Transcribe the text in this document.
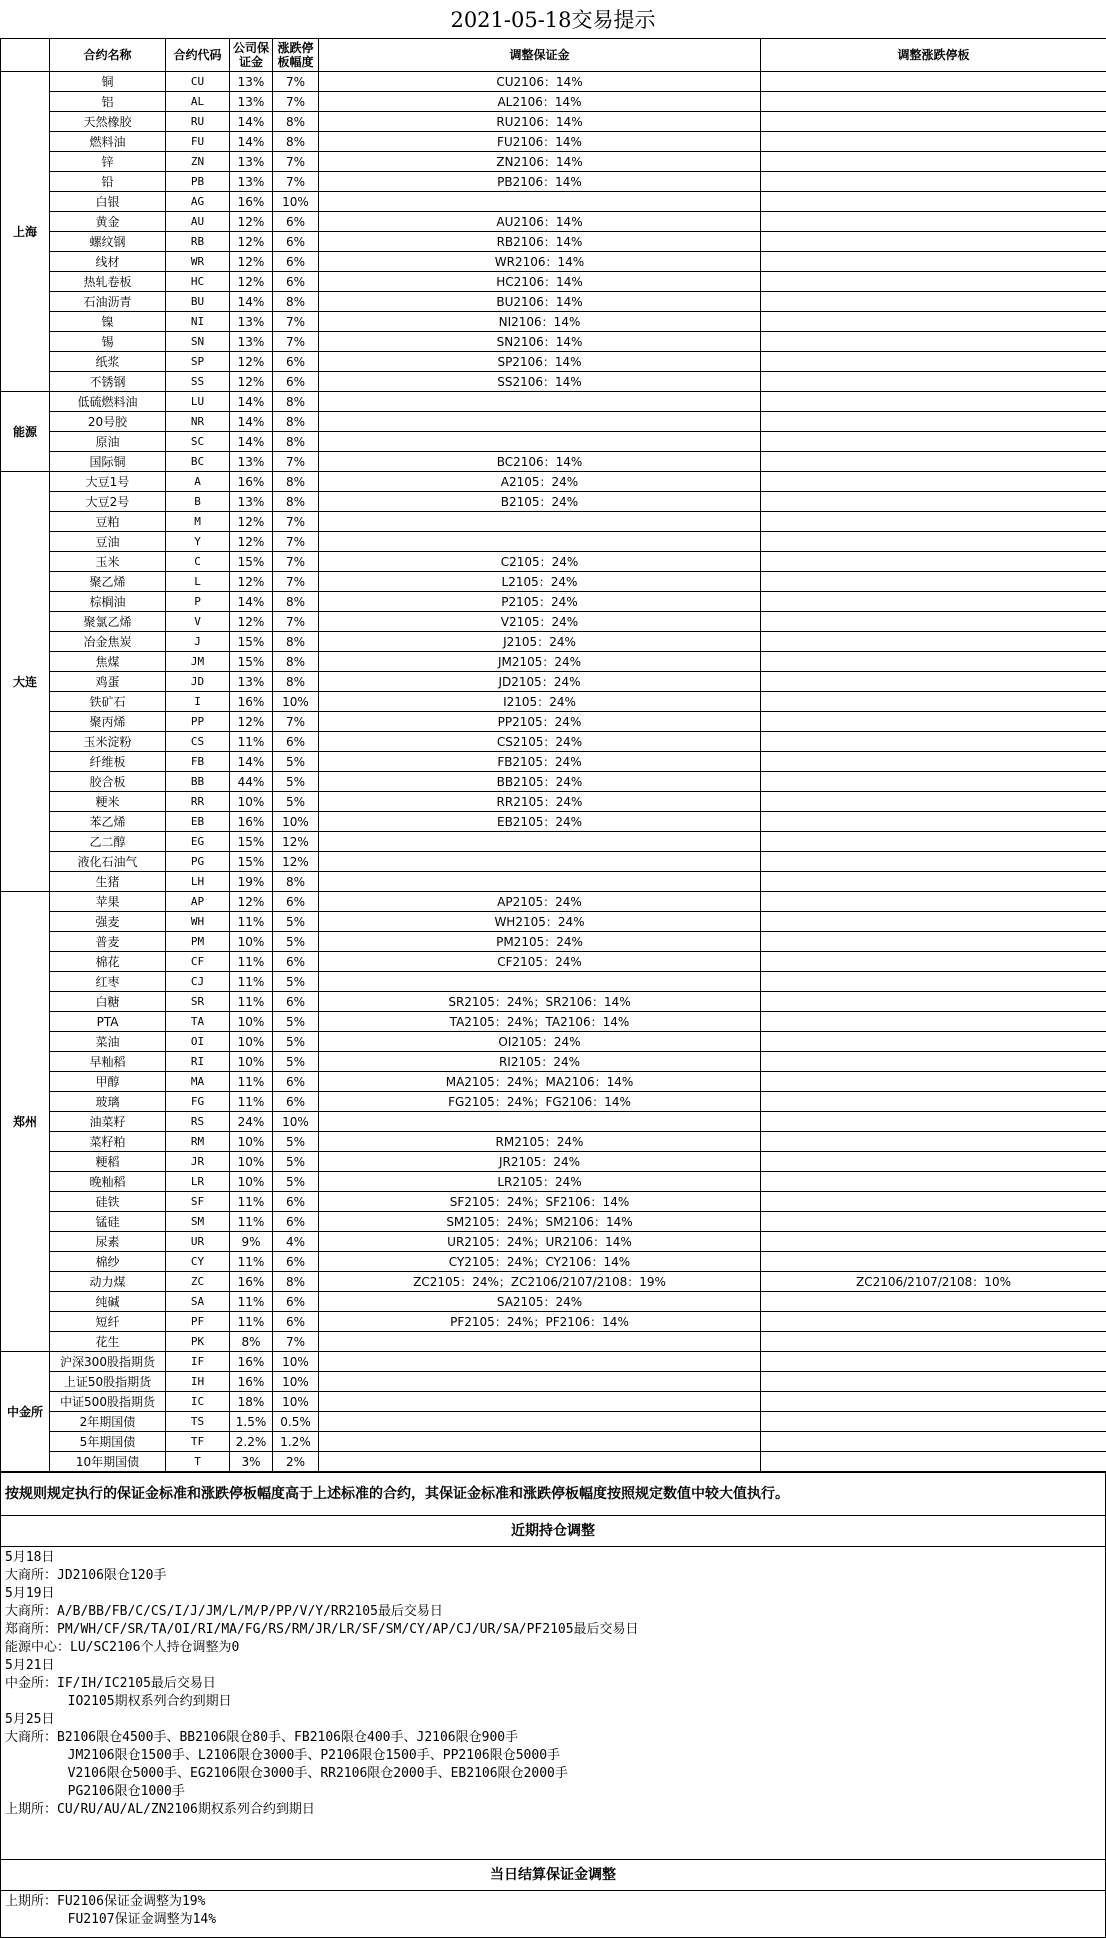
2021-05-18交易提示
	合约名称	合约代码	公司保证金	涨跌停板幅度	调整保证金	调整涨跌停板
上海	铜	CU	13%	7%	CU2106：14%	
	铝	AL	13%	7%	AL2106：14%	
	天然橡胶	RU	14%	8%	RU2106：14%	
	燃料油	FU	14%	8%	FU2106：14%	
	锌	ZN	13%	7%	ZN2106：14%	
	铅	PB	13%	7%	PB2106：14%	
	白银	AG	16%	10%		
	黄金	AU	12%	6%	AU2106：14%	
	螺纹钢	RB	12%	6%	RB2106：14%	
	线材	WR	12%	6%	WR2106：14%	
	热轧卷板	HC	12%	6%	HC2106：14%	
	石油沥青	BU	14%	8%	BU2106：14%	
	镍	NI	13%	7%	NI2106：14%	
	锡	SN	13%	7%	SN2106：14%	
	纸浆	SP	12%	6%	SP2106：14%	
	不锈钢	SS	12%	6%	SS2106：14%	
能源	低硫燃料油	LU	14%	8%		
	20号胶	NR	14%	8%		
	原油	SC	14%	8%		
	国际铜	BC	13%	7%	BC2106：14%	
大连	大豆1号	A	16%	8%	A2105：24%	
	大豆2号	B	13%	8%	B2105：24%	
	豆粕	M	12%	7%		
	豆油	Y	12%	7%		
	玉米	C	15%	7%	C2105：24%	
	聚乙烯	L	12%	7%	L2105：24%	
	棕榈油	P	14%	8%	P2105：24%	
	聚氯乙烯	V	12%	7%	V2105：24%	
	冶金焦炭	J	15%	8%	J2105：24%	
	焦煤	JM	15%	8%	JM2105：24%	
	鸡蛋	JD	13%	8%	JD2105：24%	
	铁矿石	I	16%	10%	I2105：24%	
	聚丙烯	PP	12%	7%	PP2105：24%	
	玉米淀粉	CS	11%	6%	CS2105：24%	
	纤维板	FB	14%	5%	FB2105：24%	
	胶合板	BB	44%	5%	BB2105：24%	
	粳米	RR	10%	5%	RR2105：24%	
	苯乙烯	EB	16%	10%	EB2105：24%	
	乙二醇	EG	15%	12%		
	液化石油气	PG	15%	12%		
	生猪	LH	19%	8%		
郑州	苹果	AP	12%	6%	AP2105：24%	
	强麦	WH	11%	5%	WH2105：24%	
	普麦	PM	10%	5%	PM2105：24%	
	棉花	CF	11%	6%	CF2105：24%	
	红枣	CJ	11%	5%		
	白糖	SR	11%	6%	SR2105：24%；SR2106：14%	
	PTA	TA	10%	5%	TA2105：24%；TA2106：14%	
	菜油	OI	10%	5%	OI2105：24%	
	早籼稻	RI	10%	5%	RI2105：24%	
	甲醇	MA	11%	6%	MA2105：24%；MA2106：14%	
	玻璃	FG	11%	6%	FG2105：24%；FG2106：14%	
	油菜籽	RS	24%	10%		
	菜籽粕	RM	10%	5%	RM2105：24%	
	粳稻	JR	10%	5%	JR2105：24%	
	晚籼稻	LR	10%	5%	LR2105：24%	
	硅铁	SF	11%	6%	SF2105：24%；SF2106：14%	
	锰硅	SM	11%	6%	SM2105：24%；SM2106：14%	
	尿素	UR	9%	4%	UR2105：24%；UR2106：14%	
	棉纱	CY	11%	6%	CY2105：24%；CY2106：14%	
	动力煤	ZC	16%	8%	ZC2105：24%；ZC2106/2107/2108：19%	ZC2106/2107/2108：10%
	纯碱	SA	11%	6%	SA2105：24%	
	短纤	PF	11%	6%	PF2105：24%；PF2106：14%	
	花生	PK	8%	7%		
中金所	沪深300股指期货	IF	16%	10%		
	上证50股指期货	IH	16%	10%		
	中证500股指期货	IC	18%	10%		
	2年期国债	TS	1.5%	0.5%		
	5年期国债	TF	2.2%	1.2%		
	10年期国债	T	3%	2%		
按规则规定执行的保证金标准和涨跌停板幅度高于上述标准的合约，其保证金标准和涨跌停板幅度按照规定数值中较大值执行。
近期持仓调整

5月18日
大商所：JD2106限仓120手
5月19日
大商所：A/B/BB/FB/C/CS/I/J/JM/L/M/P/PP/V/Y/RR2105最后交易日
郑商所：PM/WH/CF/SR/TA/OI/RI/MA/FG/RS/RM/JR/LR/SF/SM/CY/AP/CJ/UR/SA/PF2105最后交易日
能源中心：LU/SC2106个人持仓调整为0
5月21日
中金所：IF/IH/IC2105最后交易日
IO2105期权系列合约到期日
5月25日
大商所：B2106限仓4500手、BB2106限仓80手、FB2106限仓400手、J2106限仓900手
JM2106限仓1500手、L2106限仓3000手、P2106限仓1500手、PP2106限仓5000手
V2106限仓5000手、EG2106限仓3000手、RR2106限仓2000手、EB2106限仓2000手
PG2106限仓1000手
上期所：CU/RU/AU/AL/ZN2106期权系列合约到期日

当日结算保证金调整

上期所：FU2106保证金调整为19%
FU2107保证金调整为14%
